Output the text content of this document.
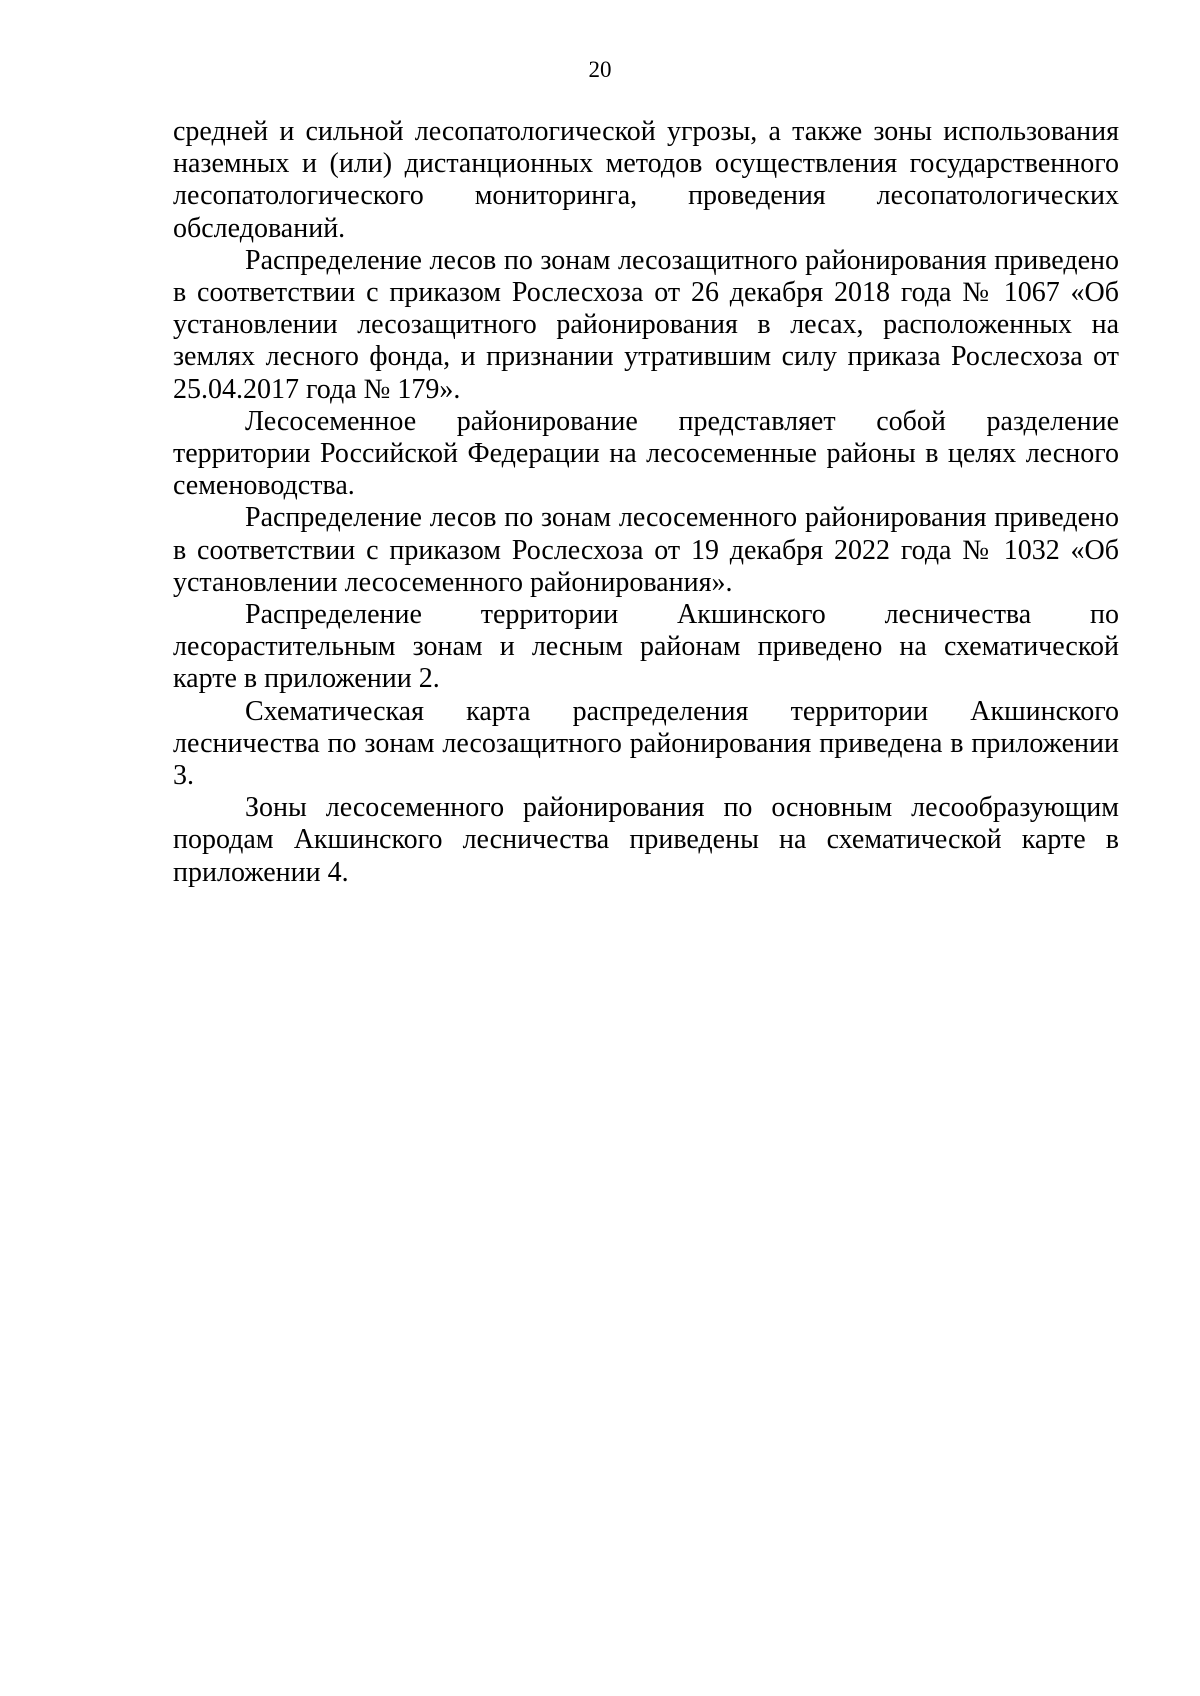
20

средней и сильной лесопатологической угрозы, а также зоны использования наземных и (или) дистанционных методов осуществления государственного лесопатологического мониторинга, проведения лесопатологических обследований.

Распределение лесов по зонам лесозащитного районирования приведено в соответствии с приказом Рослесхоза от 26 декабря 2018 года № 1067 «Об установлении лесозащитного районирования в лесах, расположенных на землях лесного фонда, и признании утратившим силу приказа Рослесхоза от 25.04.2017 года № 179».

Лесосеменное районирование представляет собой разделение территории Российской Федерации на лесосеменные районы в целях лесного семеноводства.

Распределение лесов по зонам лесосеменного районирования приведено в соответствии с приказом Рослесхоза от 19 декабря 2022 года № 1032 «Об установлении лесосеменного районирования».

Распределение территории Акшинского лесничества по лесорастительным зонам и лесным районам приведено на схематической карте в приложении 2.

Схематическая карта распределения территории Акшинского лесничества по зонам лесозащитного районирования приведена в приложении 3.

Зоны лесосеменного районирования по основным лесообразующим породам Акшинского лесничества приведены на схематической карте в приложении 4.
